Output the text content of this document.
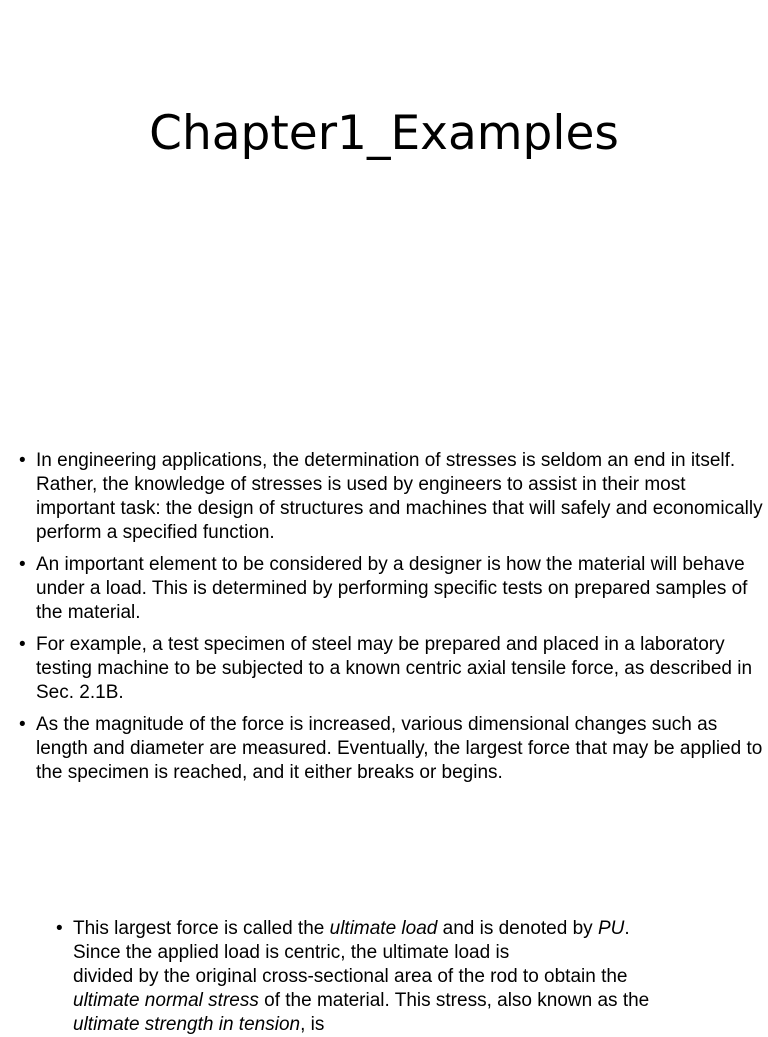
Chapter1_Examples
• In engineering applications, the determination of stresses is seldom an end in itself. Rather, the knowledge of stresses is used by engineers to assist in their most important task: the design of structures and machines that will safely and economically perform a specified function.
• An important element to be considered by a designer is how the material will behave under a load. This is determined by performing specific tests on prepared samples of the material.
• For example, a test specimen of steel may be prepared and placed in a laboratory testing machine to be subjected to a known centric axial tensile force, as described in Sec. 2.1B.
• As the magnitude of the force is increased, various dimensional changes such as length and diameter are measured. Eventually, the largest force that may be applied to the specimen is reached, and it either breaks or begins.
• This largest force is called the ultimate load and is denoted by PU.
Since the applied load is centric, the ultimate load is
divided by the original cross-sectional area of the rod to obtain the
ultimate normal stress of the material. This stress, also known as the
ultimate strength in tension, is
